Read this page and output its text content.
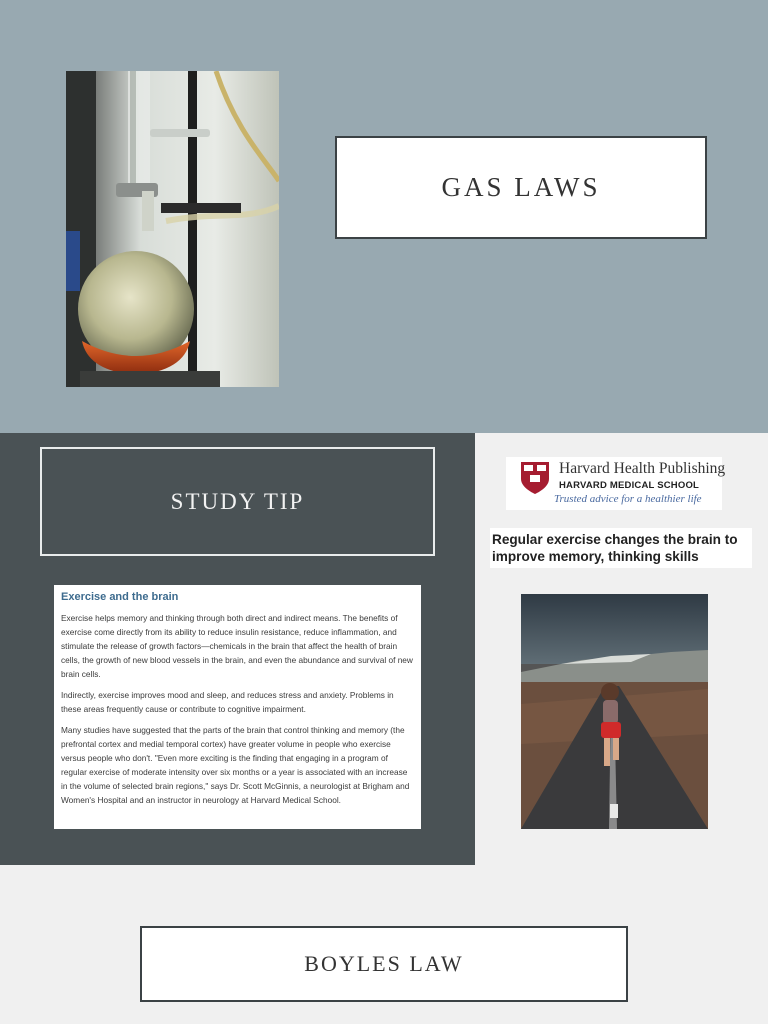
GAS LAWS
STUDY TIP
Exercise and the brain

Exercise helps memory and thinking through both direct and indirect means. The benefits of exercise come directly from its ability to reduce insulin resistance, reduce inflammation, and stimulate the release of growth factors—chemicals in the brain that affect the health of brain cells, the growth of new blood vessels in the brain, and even the abundance and survival of new brain cells.

Indirectly, exercise improves mood and sleep, and reduces stress and anxiety. Problems in these areas frequently cause or contribute to cognitive impairment.

Many studies have suggested that the parts of the brain that control thinking and memory (the prefrontal cortex and medial temporal cortex) have greater volume in people who exercise versus people who don't. "Even more exciting is the finding that engaging in a program of regular exercise of moderate intensity over six months or a year is associated with an increase in the volume of selected brain regions," says Dr. Scott McGinnis, a neurologist at Brigham and Women's Hospital and an instructor in neurology at Harvard Medical School.

Harvard Health Publishing
HARVARD MEDICAL SCHOOL
Trusted advice for a healthier life
Regular exercise changes the brain to improve memory, thinking skills
BOYLES LAW
